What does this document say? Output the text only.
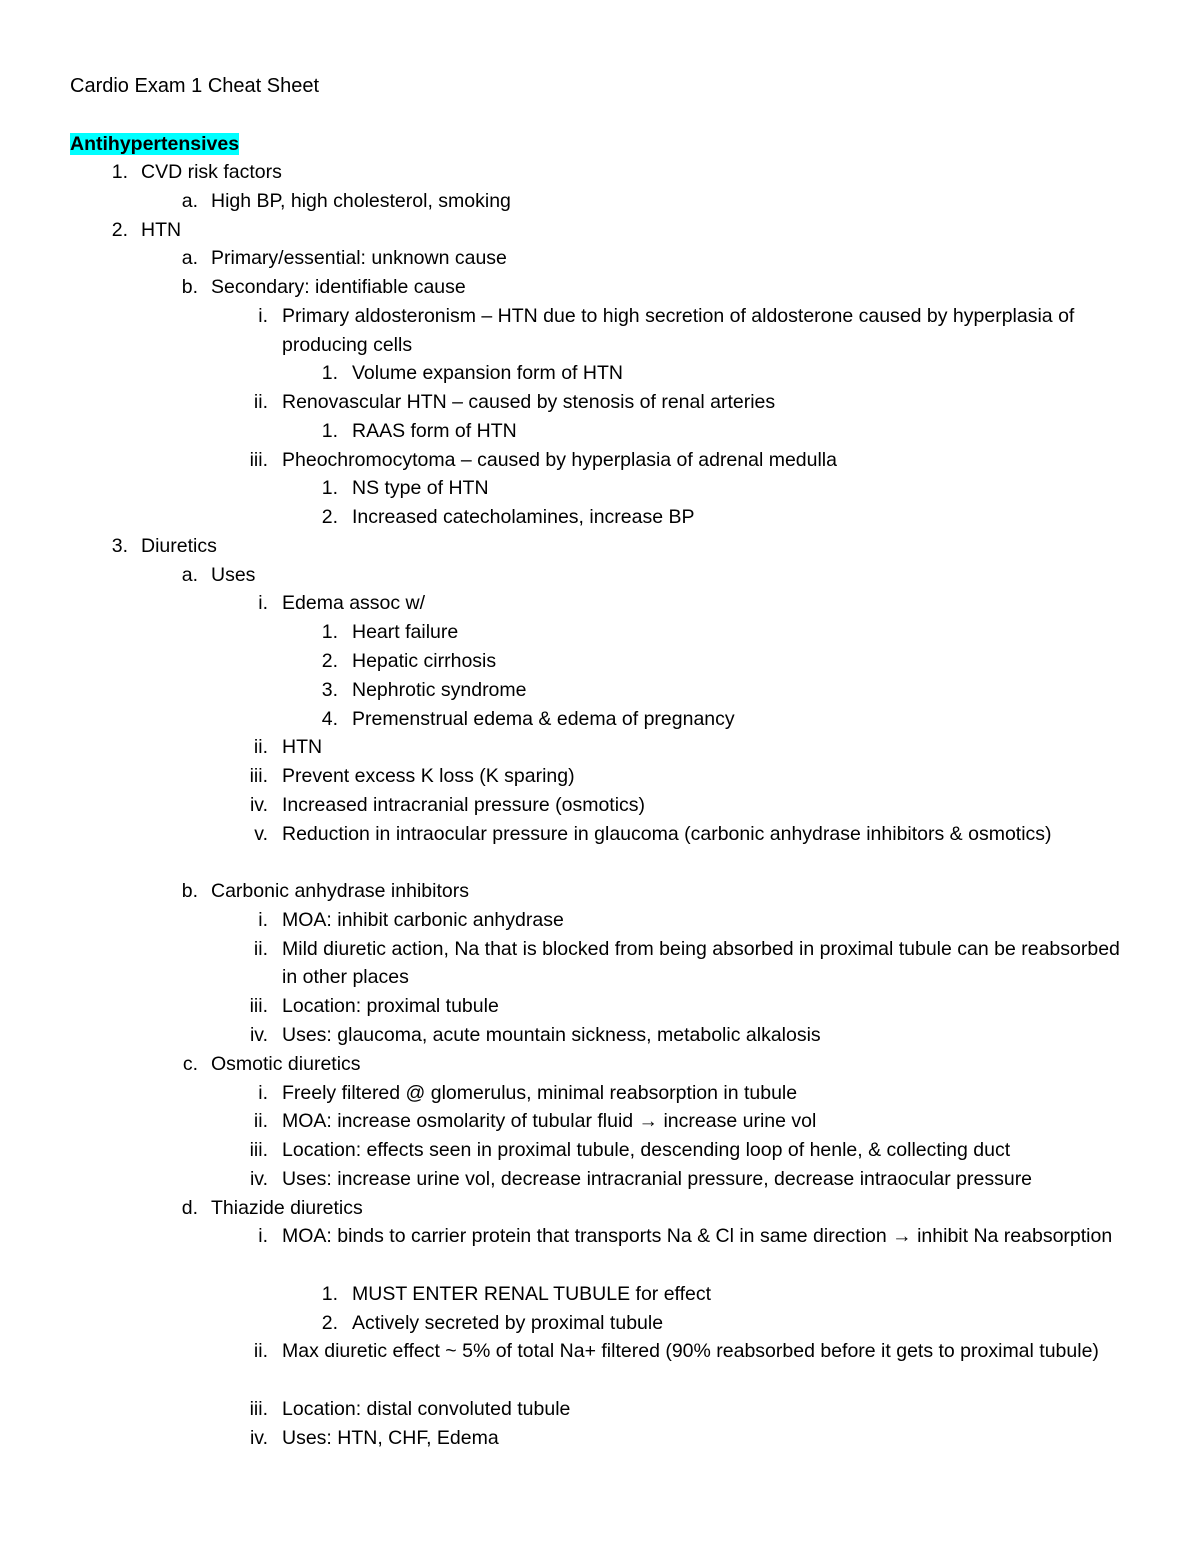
Cardio Exam 1 Cheat Sheet
Antihypertensives
1. CVD risk factors
a. High BP, high cholesterol, smoking
2. HTN
a. Primary/essential: unknown cause
b. Secondary: identifiable cause
i. Primary aldosteronism – HTN due to high secretion of aldosterone caused by hyperplasia of producing cells
1. Volume expansion form of HTN
ii. Renovascular HTN – caused by stenosis of renal arteries
1. RAAS form of HTN
iii. Pheochromocytoma – caused by hyperplasia of adrenal medulla
1. NS type of HTN
2. Increased catecholamines, increase BP
3. Diuretics
a. Uses
i. Edema assoc w/
1. Heart failure
2. Hepatic cirrhosis
3. Nephrotic syndrome
4. Premenstrual edema & edema of pregnancy
ii. HTN
iii. Prevent excess K loss (K sparing)
iv. Increased intracranial pressure (osmotics)
v. Reduction in intraocular pressure in glaucoma (carbonic anhydrase inhibitors & osmotics)
b. Carbonic anhydrase inhibitors
i. MOA: inhibit carbonic anhydrase
ii. Mild diuretic action, Na that is blocked from being absorbed in proximal tubule can be reabsorbed in other places
iii. Location: proximal tubule
iv. Uses: glaucoma, acute mountain sickness, metabolic alkalosis
c. Osmotic diuretics
i. Freely filtered @ glomerulus, minimal reabsorption in tubule
ii. MOA: increase osmolarity of tubular fluid → increase urine vol
iii. Location: effects seen in proximal tubule, descending loop of henle, & collecting duct
iv. Uses: increase urine vol, decrease intracranial pressure, decrease intraocular pressure
d. Thiazide diuretics
i. MOA: binds to carrier protein that transports Na & Cl in same direction → inhibit Na reabsorption
1. MUST ENTER RENAL TUBULE for effect
2. Actively secreted by proximal tubule
ii. Max diuretic effect ~ 5% of total Na+ filtered (90% reabsorbed before it gets to proximal tubule)
iii. Location: distal convoluted tubule
iv. Uses: HTN, CHF, Edema
